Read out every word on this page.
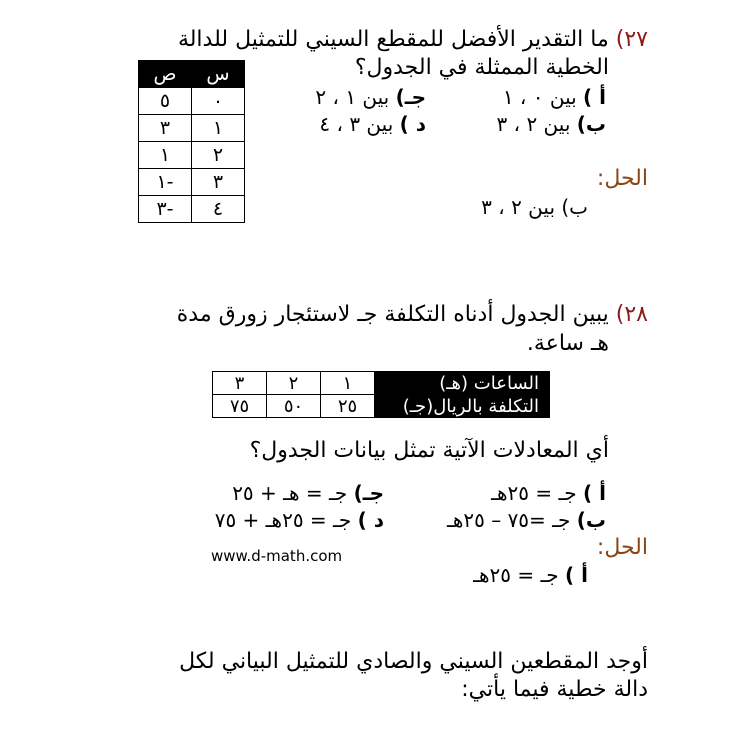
٢٧) ما التقدير الأفضل للمقطع السيني للتمثيل للدالة
الخطية الممثلة في الجدول؟
ص	س
٥	٠
٣	١
١	٢
١-	٣
٣-	٤
أ ) بين ٠ ، ١
جـ) بين ١ ، ٢
ب) بين ٢ ، ٣
د ) بين ٣ ، ٤
الحل:
ب) بين ٢ ، ٣
٢٨) يبين الجدول أدناه التكلفة جـ لاستئجار زورق مدة
هـ ساعة.
٣	٢	١	الساعات (هـ)
٧٥	٥٠	٢٥	التكلفة بالريال(جـ)
أي المعادلات الآتية تمثل بيانات الجدول؟
أ ) جـ = ٢٥هـ
جـ) جـ = هـ + ٢٥
ب) جـ =٧٥ – ٢٥هـ
د ) جـ = ٢٥هـ + ٧٥
www.d-math.com	الحل:
أ ) جـ = ٢٥هـ
أوجد المقطعين السيني والصادي للتمثيل البياني لكل
دالة خطية فيما يأتي:
